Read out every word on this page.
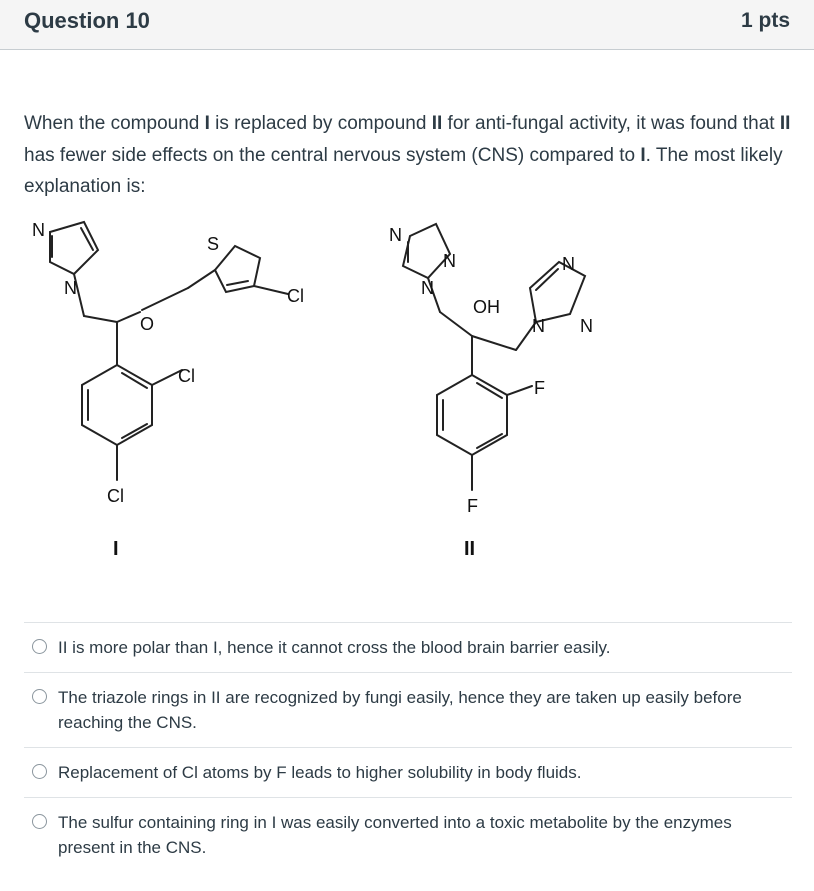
Question 10	1 pts
When the compound I is replaced by compound II for anti-fungal activity, it was found that II has fewer side effects on the central nervous system (CNS) compared to I. The most likely explanation is:
N
N
S
Cl
O
Cl
Cl
I
N
N
N
OH
N
N N
F
F
II
II is more polar than I, hence it cannot cross the blood brain barrier easily.
The triazole rings in II are recognized by fungi easily, hence they are taken up easily before reaching the CNS.
Replacement of Cl atoms by F leads to higher solubility in body fluids.
The sulfur containing ring in I was easily converted into a toxic metabolite by the enzymes present in the CNS.
